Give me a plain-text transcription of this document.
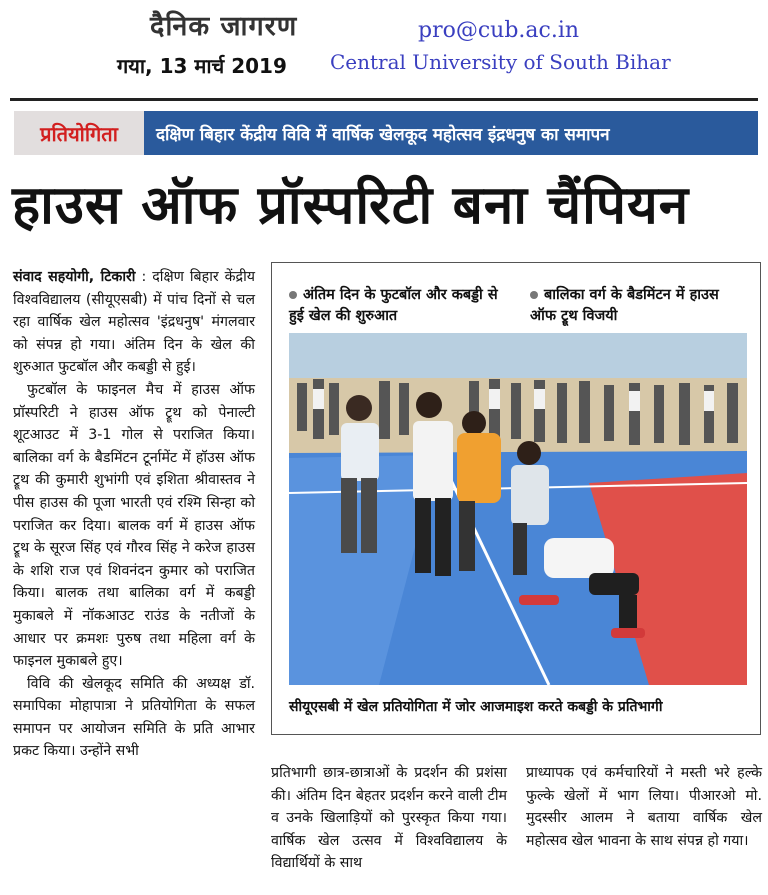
दैनिक जागरण
गया, 13 मार्च 2019
pro@cub.ac.in
Central University of South Bihar
प्रतियोगिता	दक्षिण बिहार केंद्रीय विवि में वार्षिक खेलकूद महोत्सव इंद्रधनुष का समापन
हाउस ऑफ प्रॉस्परिटी बना चैंपियन

संवाद सहयोगी, टिकारी : दक्षिण बिहार केंद्रीय विश्वविद्यालय (सीयूएसबी) में पांच दिनों से चल रहा वार्षिक खेल महोत्सव 'इंद्रधनुष' मंगलवार को संपन्न हो गया। अंतिम दिन के खेल की शुरुआत फुटबॉल और कबड्डी से हुई।

फुटबॉल के फाइनल मैच में हाउस ऑफ प्रॉस्परिटी ने हाउस ऑफ ट्रूथ को पेनाल्टी शूटआउट में 3-1 गोल से पराजित किया। बालिका वर्ग के बैडमिंटन टूर्नामेंट में हॉउस ऑफ ट्रूथ की कुमारी शुभांगी एवं इशिता श्रीवास्तव ने पीस हाउस की पूजा भारती एवं रश्मि सिन्हा को पराजित कर दिया। बालक वर्ग में हाउस ऑफ ट्रूथ के सूरज सिंह एवं गौरव सिंह ने करेज हाउस के शशि राज एवं शिवनंदन कुमार को पराजित किया। बालक तथा बालिका वर्ग में कबड्डी मुकाबले में नॉकआउट राउंड के नतीजों के आधार पर क्रमशः पुरुष तथा महिला वर्ग के फाइनल मुकाबले हुए।

विवि की खेलकूद समिति की अध्यक्ष डॉ. समापिका मोहापात्रा ने प्रतियोगिता के सफल समापन पर आयोजन समिति के प्रति आभार प्रकट किया। उन्होंने सभी

अंतिम दिन के फुटबॉल और कबड्डी से हुई खेल की शुरुआत
बालिका वर्ग के बैडमिंटन में हाउस ऑफ ट्रूथ विजयी
सीयूएसबी में खेल प्रतियोगिता में जोर आजमाइश करते कबड्डी के प्रतिभागी

प्रतिभागी छात्र-छात्राओं के प्रदर्शन की प्रशंसा की। अंतिम दिन बेहतर प्रदर्शन करने वाली टीम व उनके खिलाड़ियों को पुरस्कृत किया गया। वार्षिक खेल उत्सव में विश्वविद्यालय के विद्यार्थियों के साथ

प्राध्यापक एवं कर्मचारियों ने मस्ती भरे हल्के फुल्के खेलों में भाग लिया। पीआरओ मो. मुदस्सीर आलम ने बताया वार्षिक खेल महोत्सव खेल भावना के साथ संपन्न हो गया।
